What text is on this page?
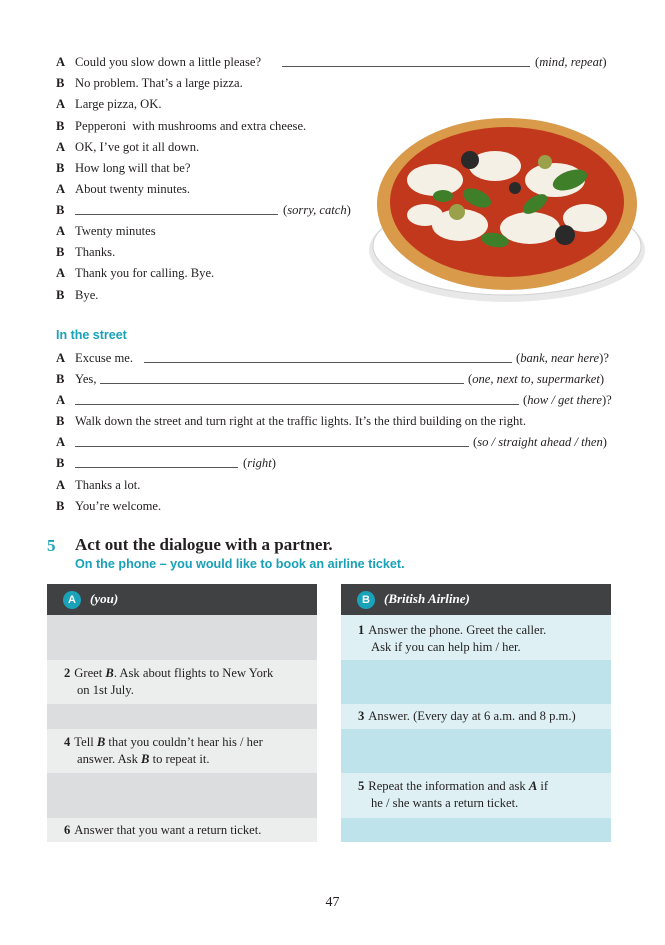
A Could you slow down a little please?	(mind, repeat)
B No problem. That’s a large pizza.
A Large pizza, OK.
B Pepperoni  with mushrooms and extra cheese.
A OK, I’ve got it all down.
B How long will that be?
A About twenty minutes.
B	(sorry, catch)
A Twenty minutes
B Thanks.
A Thank you for calling. Bye.
B Bye.
In the street
A Excuse me.	(bank, near here)?
B Yes,	(one, next to, supermarket)
A	(how / get there)?
B Walk down the street and turn right at the traffic lights. It’s the third building on the right.
A	(so / straight ahead / then)
B	(right)
A Thanks a lot.
B You’re welcome.
5 Act out the dialogue with a partner.
On the phone – you would like to book an airline ticket.
A	(you)
2 Greet B. Ask about flights to New York
on 1st July.
4 Tell B that you couldn’t hear his / her
answer. Ask B to repeat it.
6 Answer that you want a return ticket.
B	(British Airline)
1 Answer the phone. Greet the caller.
Ask if you can help him / her.
3 Answer. (Every day at 6 a.m. and 8 p.m.)
5 Repeat the information and ask A if
he / she wants a return ticket.
47
